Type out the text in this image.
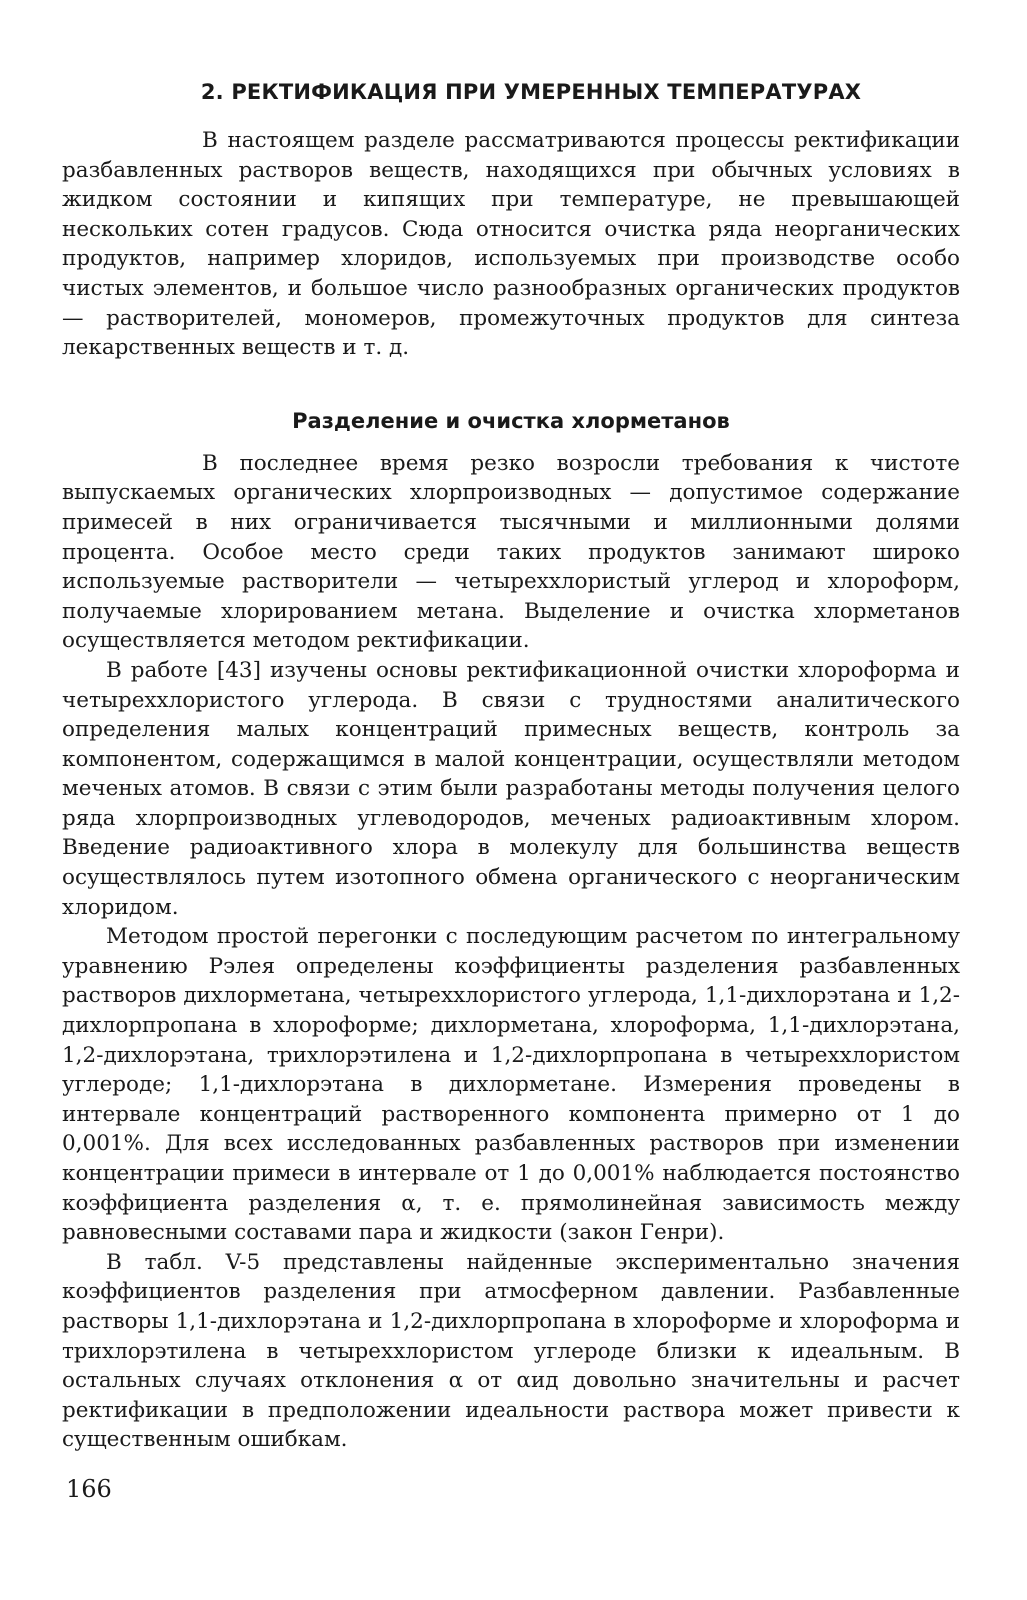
2. РЕКТИФИКАЦИЯ ПРИ УМЕРЕННЫХ ТЕМПЕРАТУРАХ

В настоящем разделе рассматриваются процессы ректификации разбавленных растворов веществ, находящихся при обычных условиях в жидком состоянии и кипящих при температуре, не превышающей нескольких сотен градусов. Сюда относится очистка ряда неорганических продуктов, например хлоридов, используемых при производстве особо чистых элементов, и большое число разнообразных органических продуктов — растворителей, мономеров, промежуточных продуктов для синтеза лекарственных веществ и т. д.

Разделение и очистка хлорметанов

В последнее время резко возросли требования к чистоте выпускаемых органических хлорпроизводных — допустимое содержание примесей в них ограничивается тысячными и миллионными долями процента. Особое место среди таких продуктов занимают широко используемые растворители — четыреххлористый углерод и хлороформ, получаемые хлорированием метана. Выделение и очистка хлорметанов осуществляется методом ректификации.

В работе [43] изучены основы ректификационной очистки хлороформа и четыреххлористого углерода. В связи с трудностями аналитического определения малых концентраций примесных веществ, контроль за компонентом, содержащимся в малой концентрации, осуществляли методом меченых атомов. В связи с этим были разработаны методы получения целого ряда хлорпроизводных углеводородов, меченых радиоактивным хлором. Введение радиоактивного хлора в молекулу для большинства веществ осуществлялось путем изотопного обмена органического с неорганическим хлоридом.

Методом простой перегонки с последующим расчетом по интегральному уравнению Рэлея определены коэффициенты разделения разбавленных растворов дихлорметана, четыреххлористого углерода, 1,1-дихлорэтана и 1,2-дихлорпропана в хлороформе; дихлорметана, хлороформа, 1,1-дихлорэтана, 1,2-дихлорэтана, трихлорэтилена и 1,2-дихлорпропана в четыреххлористом углероде; 1,1-дихлорэтана в дихлорметане. Измерения проведены в интервале концентраций растворенного компонента примерно от 1 до 0,001%. Для всех исследованных разбавленных растворов при изменении концентрации примеси в интервале от 1 до 0,001% наблюдается постоянство коэффициента разделения α, т. е. прямолинейная зависимость между равновесными составами пара и жидкости (закон Генри).

В табл. V-5 представлены найденные экспериментально значения коэффициентов разделения при атмосферном давлении. Разбавленные растворы 1,1-дихлорэтана и 1,2-дихлорпропана в хлороформе и хлороформа и трихлорэтилена в четыреххлористом углероде близки к идеальным. В остальных случаях отклонения α от αид довольно значительны и расчет ректификации в предположении идеальности раствора может привести к существенным ошибкам.

166
